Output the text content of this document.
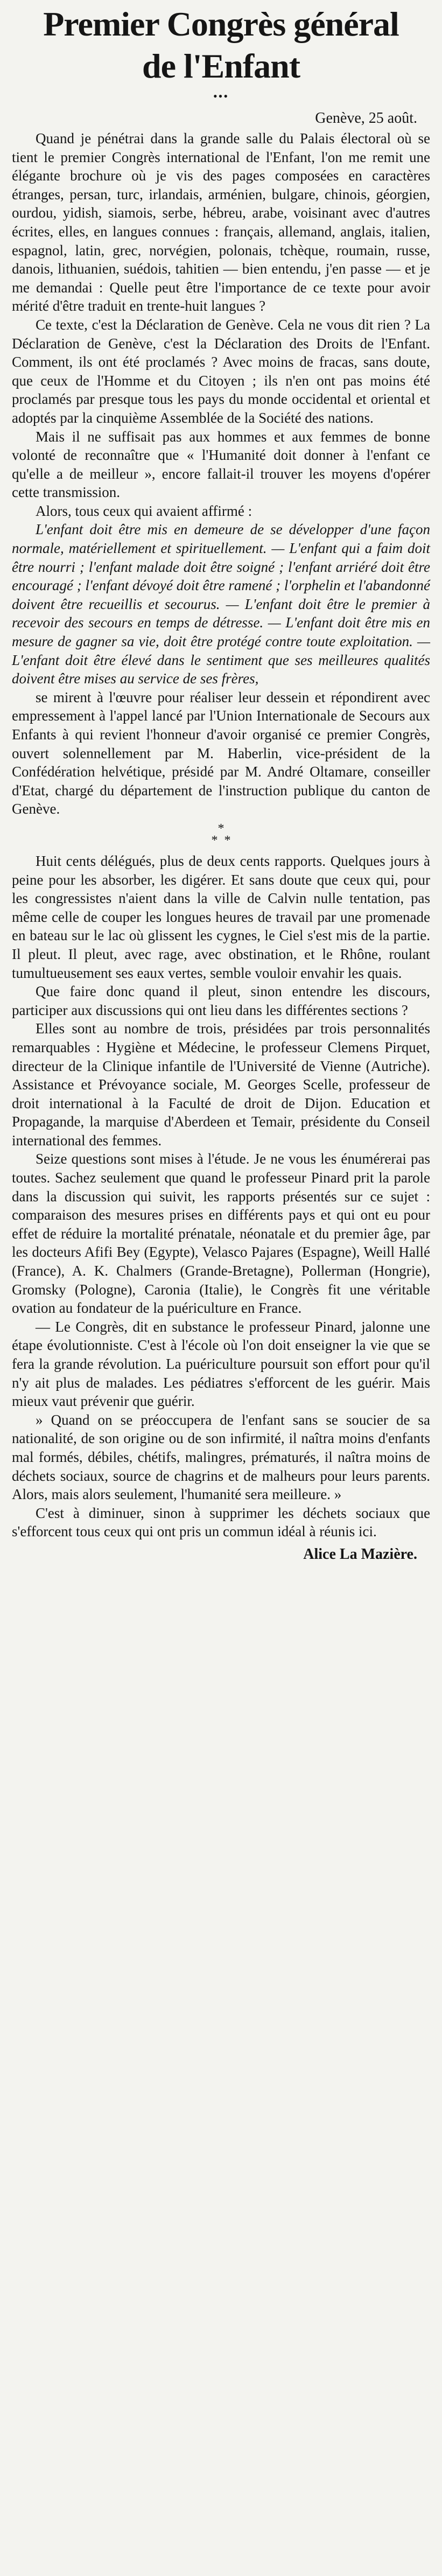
Premier Congrès général
de l'Enfant
•••
Genève, 25 août.

Quand je pénétrai dans la grande salle du Palais électoral où se tient le premier Congrès international de l'Enfant, l'on me remit une élégante brochure où je vis des pages composées en caractères étranges, persan, turc, irlandais, arménien, bulgare, chinois, géorgien, ourdou, yidish, siamois, serbe, hébreu, arabe, voisinant avec d'autres écrites, elles, en langues connues : français, allemand, anglais, italien, espagnol, latin, grec, norvégien, polonais, tchèque, roumain, russe, danois, lithuanien, suédois, tahitien — bien entendu, j'en passe — et je me demandai : Quelle peut être l'importance de ce texte pour avoir mérité d'être traduit en trente-huit langues ?

Ce texte, c'est la Déclaration de Genève. Cela ne vous dit rien ? La Déclaration de Genève, c'est la Déclaration des Droits de l'Enfant. Comment, ils ont été proclamés ? Avec moins de fracas, sans doute, que ceux de l'Homme et du Citoyen ; ils n'en ont pas moins été proclamés par presque tous les pays du monde occidental et oriental et adoptés par la cinquième Assemblée de la Société des nations.

Mais il ne suffisait pas aux hommes et aux femmes de bonne volonté de reconnaître que « l'Humanité doit donner à l'enfant ce qu'elle a de meilleur », encore fallait-il trouver les moyens d'opérer cette transmission.

Alors, tous ceux qui avaient affirmé :

L'enfant doit être mis en demeure de se développer d'une façon normale, matériellement et spirituellement. — L'enfant qui a faim doit être nourri ; l'enfant malade doit être soigné ; l'enfant arriéré doit être encouragé ; l'enfant dévoyé doit être ramené ; l'orphelin et l'abandonné doivent être recueillis et secourus. — L'enfant doit être le premier à recevoir des secours en temps de détresse. — L'enfant doit être mis en mesure de gagner sa vie, doit être protégé contre toute exploitation. — L'enfant doit être élevé dans le sentiment que ses meilleures qualités doivent être mises au service de ses frères,

se mirent à l'œuvre pour réaliser leur dessein et répondirent avec empressement à l'appel lancé par l'Union Internationale de Secours aux Enfants à qui revient l'honneur d'avoir organisé ce premier Congrès, ouvert solennellement par M. Haberlin, vice-président de la Confédération helvétique, présidé par M. André Oltamare, conseiller d'Etat, chargé du département de l'instruction publique du canton de Genève.

*
*  *

Huit cents délégués, plus de deux cents rapports. Quelques jours à peine pour les absorber, les digérer. Et sans doute que ceux qui, pour les congressistes n'aient dans la ville de Calvin nulle tentation, pas même celle de couper les longues heures de travail par une promenade en bateau sur le lac où glissent les cygnes, le Ciel s'est mis de la partie. Il pleut. Il pleut, avec rage, avec obstination, et le Rhône, roulant tumultueusement ses eaux vertes, semble vouloir envahir les quais.

Que faire donc quand il pleut, sinon entendre les discours, participer aux discussions qui ont lieu dans les différentes sections ?

Elles sont au nombre de trois, présidées par trois personnalités remarquables : Hygiène et Médecine, le professeur Clemens Pirquet, directeur de la Clinique infantile de l'Université de Vienne (Autriche). Assistance et Prévoyance sociale, M. Georges Scelle, professeur de droit international à la Faculté de droit de Dijon. Education et Propagande, la marquise d'Aberdeen et Temair, présidente du Conseil international des femmes.

Seize questions sont mises à l'étude. Je ne vous les énumérerai pas toutes. Sachez seulement que quand le professeur Pinard prit la parole dans la discussion qui suivit, les rapports présentés sur ce sujet : comparaison des mesures prises en différents pays et qui ont eu pour effet de réduire la mortalité prénatale, néonatale et du premier âge, par les docteurs Afifi Bey (Egypte), Velasco Pajares (Espagne), Weill Hallé (France), A. K. Chalmers (Grande-Bretagne), Pollerman (Hongrie), Gromsky (Pologne), Caronia (Italie), le Congrès fit une véritable ovation au fondateur de la puériculture en France.

— Le Congrès, dit en substance le professeur Pinard, jalonne une étape évolutionniste. C'est à l'école où l'on doit enseigner la vie que se fera la grande révolution. La puériculture poursuit son effort pour qu'il n'y ait plus de malades. Les pédiatres s'efforcent de les guérir. Mais mieux vaut prévenir que guérir.

» Quand on se préoccupera de l'enfant sans se soucier de sa nationalité, de son origine ou de son infirmité, il naîtra moins d'enfants mal formés, débiles, chétifs, malingres, prématurés, il naîtra moins de déchets sociaux, source de chagrins et de malheurs pour leurs parents. Alors, mais alors seulement, l'humanité sera meilleure. »

C'est à diminuer, sinon à supprimer les déchets sociaux que s'efforcent tous ceux qui ont pris un commun idéal à réunis ici.

Alice La Mazière.
